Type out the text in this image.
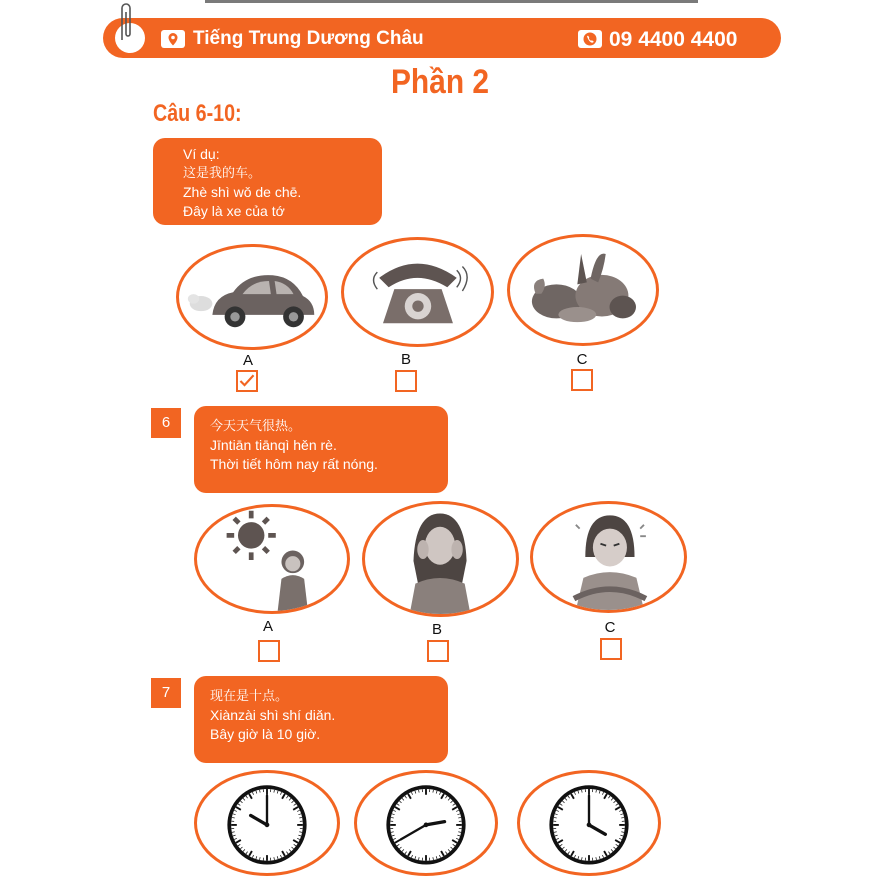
Tiếng Trung Dương Châu	09 4400 4400
Phần 2
Câu 6-10:
Ví dụ:
这是我的车。
Zhè shì wǒ de chē.
Đây là xe của tớ
A	B	C
6	今天天气很热。
Jīntiān tiānqì hěn rè.
Thời tiết hôm nay rất nóng.
A	B	C
7	现在是十点。
Xiànzài shì shí diǎn.
Bây giờ là 10 giờ.
